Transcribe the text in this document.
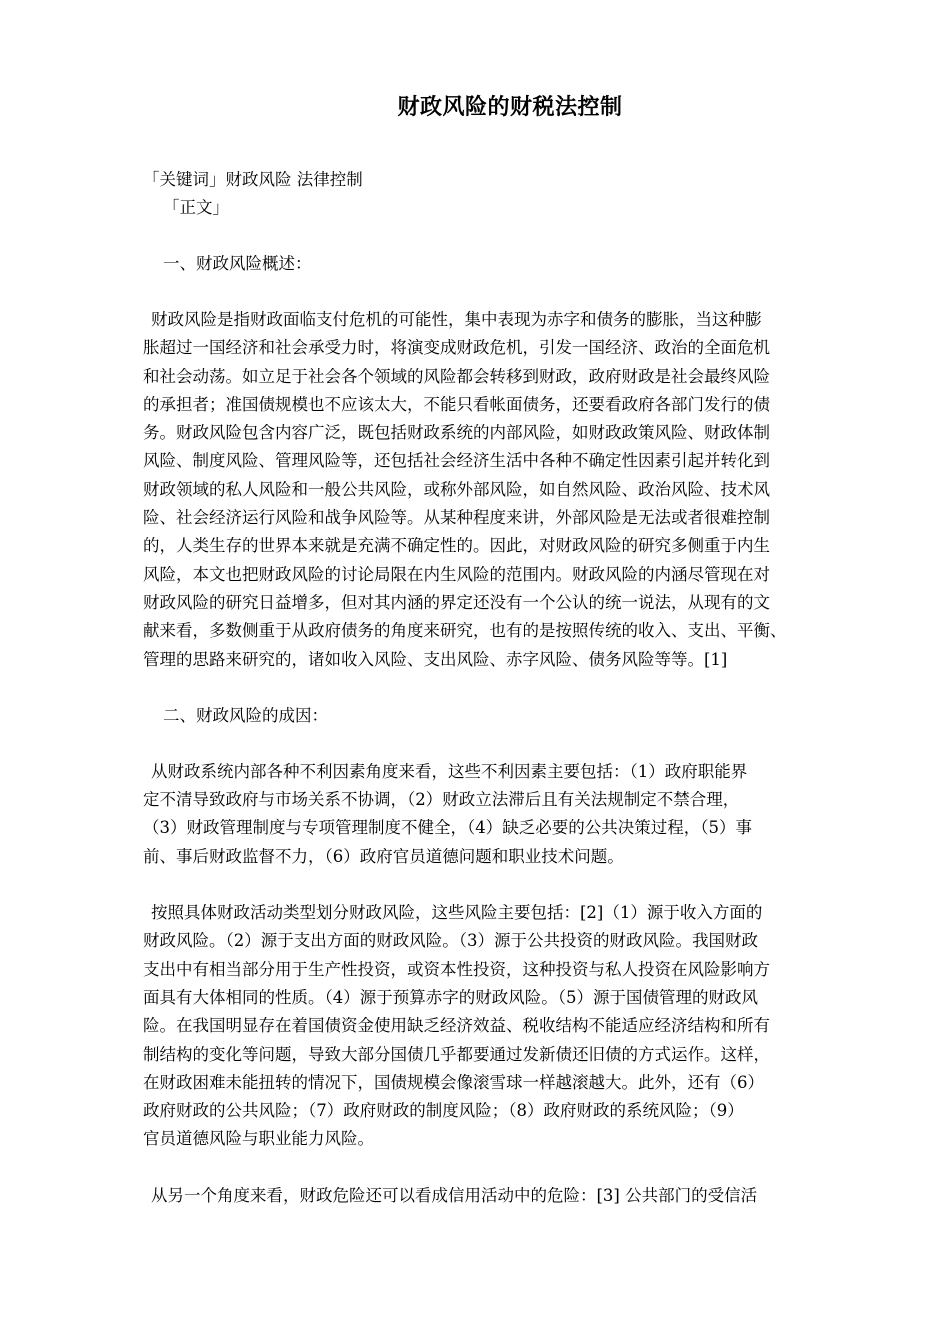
财政风险的财税法控制
「关键词」财政风险 法律控制
「正文」
一、财政风险概述：
财政风险是指财政面临支付危机的可能性，集中表现为赤字和债务的膨胀，当这种膨
胀超过一国经济和社会承受力时，将演变成财政危机，引发一国经济、政治的全面危机
和社会动荡。如立足于社会各个领域的风险都会转移到财政，政府财政是社会最终风险
的承担者；准国债规模也不应该太大，不能只看帐面债务，还要看政府各部门发行的债
务。财政风险包含内容广泛，既包括财政系统的内部风险，如财政政策风险、财政体制
风险、制度风险、管理风险等，还包括社会经济生活中各种不确定性因素引起并转化到
财政领域的私人风险和一般公共风险，或称外部风险，如自然风险、政治风险、技术风
险、社会经济运行风险和战争风险等。从某种程度来讲，外部风险是无法或者很难控制
的，人类生存的世界本来就是充满不确定性的。因此，对财政风险的研究多侧重于内生
风险，本文也把财政风险的讨论局限在内生风险的范围内。财政风险的内涵尽管现在对
财政风险的研究日益增多，但对其内涵的界定还没有一个公认的统一说法，从现有的文
献来看，多数侧重于从政府债务的角度来研究，也有的是按照传统的收入、支出、平衡、
管理的思路来研究的，诸如收入风险、支出风险、赤字风险、债务风险等等。[1]
二、财政风险的成因：
从财政系统内部各种不利因素角度来看，这些不利因素主要包括：（1）政府职能界
定不清导致政府与市场关系不协调，（2）财政立法滞后且有关法规制定不禁合理，
（3）财政管理制度与专项管理制度不健全，（4）缺乏必要的公共决策过程，（5）事
前、事后财政监督不力，（6）政府官员道德问题和职业技术问题。
按照具体财政活动类型划分财政风险，这些风险主要包括：[2]（1）源于收入方面的
财政风险。（2）源于支出方面的财政风险。（3）源于公共投资的财政风险。我国财政
支出中有相当部分用于生产性投资，或资本性投资，这种投资与私人投资在风险影响方
面具有大体相同的性质。（4）源于预算赤字的财政风险。（5）源于国债管理的财政风
险。在我国明显存在着国债资金使用缺乏经济效益、税收结构不能适应经济结构和所有
制结构的变化等问题，导致大部分国债几乎都要通过发新债还旧债的方式运作。这样，
在财政困难未能扭转的情况下，国债规模会像滚雪球一样越滚越大。此外，还有（6）
政府财政的公共风险；（7）政府财政的制度风险；（8）政府财政的系统风险；（9）
官员道德风险与职业能力风险。
从另一个角度来看，财政危险还可以看成信用活动中的危险：[3] 公共部门的受信活
